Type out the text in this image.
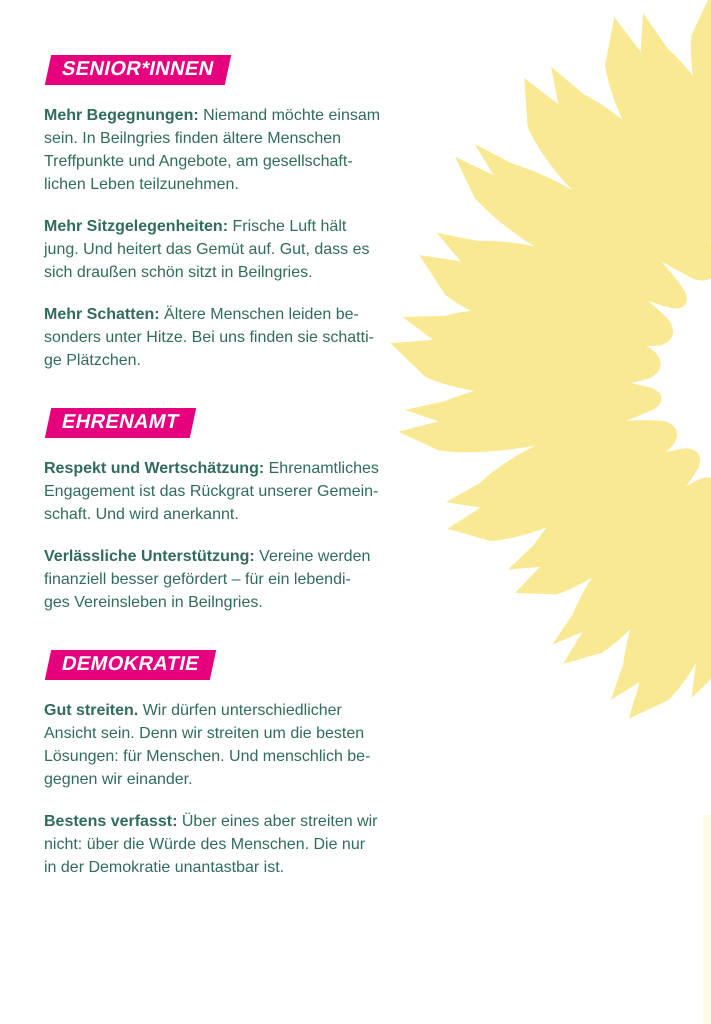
SENIOR*INNEN

Mehr Begegnungen: Niemand möchte einsam
sein. In Beilngries finden ältere Menschen
Treffpunkte und Angebote, am gesellschaft-
lichen Leben teilzunehmen.

Mehr Sitzgelegenheiten: Frische Luft hält
jung. Und heitert das Gemüt auf. Gut, dass es
sich draußen schön sitzt in Beilngries.

Mehr Schatten: Ältere Menschen leiden be-
sonders unter Hitze. Bei uns finden sie schatti-
ge Plätzchen.

EHRENAMT

Respekt und Wertschätzung: Ehrenamtliches
Engagement ist das Rückgrat unserer Gemein-
schaft. Und wird anerkannt.

Verlässliche Unterstützung: Vereine werden
finanziell besser gefördert – für ein lebendi-
ges Vereinsleben in Beilngries.

DEMOKRATIE

Gut streiten. Wir dürfen unterschiedlicher
Ansicht sein. Denn wir streiten um die besten
Lösungen: für Menschen. Und menschlich be-
gegnen wir einander.

Bestens verfasst: Über eines aber streiten wir
nicht: über die Würde des Menschen. Die nur
in der Demokratie unantastbar ist.
